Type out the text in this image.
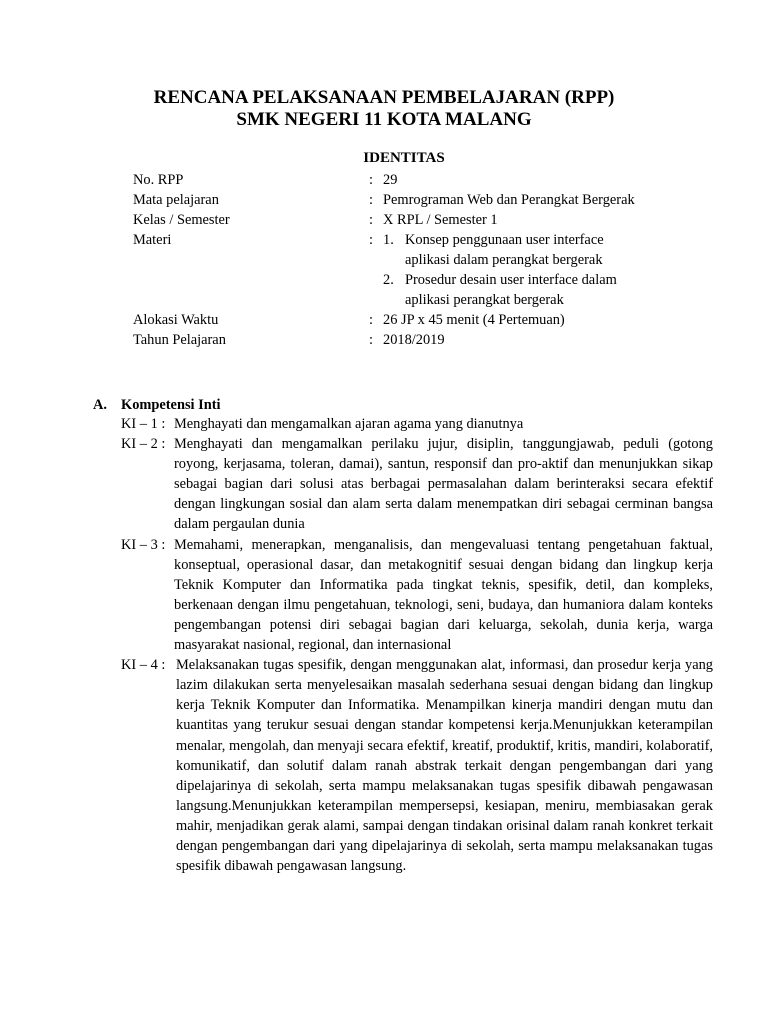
RENCANA PELAKSANAAN PEMBELAJARAN (RPP)
SMK NEGERI 11 KOTA MALANG
IDENTITAS
No. RPP	: 29
Mata pelajaran	: Pemrograman Web dan Perangkat Bergerak
Kelas / Semester	: X RPL / Semester 1
Materi	: 1. Konsep penggunaan user interface
aplikasi dalam perangkat bergerak
2. Prosedur desain user interface dalam
aplikasi perangkat bergerak
Alokasi Waktu	: 26 JP x 45 menit (4 Pertemuan)
Tahun Pelajaran	: 2018/2019
A. Kompetensi Inti
KI – 1 : Menghayati dan mengamalkan ajaran agama yang dianutnya
KI – 2 : Menghayati dan mengamalkan perilaku jujur, disiplin, tanggungjawab, peduli (gotong royong, kerjasama, toleran, damai), santun, responsif dan pro-aktif dan menunjukkan sikap sebagai bagian dari solusi atas berbagai permasalahan dalam berinteraksi secara efektif dengan lingkungan sosial dan alam serta dalam menempatkan diri sebagai cerminan bangsa dalam pergaulan dunia
KI – 3 : Memahami, menerapkan, menganalisis, dan mengevaluasi tentang pengetahuan faktual, konseptual, operasional dasar, dan metakognitif sesuai dengan bidang dan lingkup kerja Teknik Komputer dan Informatika pada tingkat teknis, spesifik, detil, dan kompleks, berkenaan dengan ilmu pengetahuan, teknologi, seni, budaya, dan humaniora dalam konteks pengembangan potensi diri sebagai bagian dari keluarga, sekolah, dunia kerja, warga masyarakat nasional, regional, dan internasional
KI – 4 : Melaksanakan tugas spesifik, dengan menggunakan alat, informasi, dan prosedur kerja yang lazim dilakukan serta menyelesaikan masalah sederhana sesuai dengan bidang dan lingkup kerja Teknik Komputer dan Informatika. Menampilkan kinerja mandiri dengan mutu dan kuantitas yang terukur sesuai dengan standar kompetensi kerja.Menunjukkan keterampilan menalar, mengolah, dan menyaji secara efektif, kreatif, produktif, kritis, mandiri, kolaboratif, komunikatif, dan solutif dalam ranah abstrak terkait dengan pengembangan dari yang dipelajarinya di sekolah, serta mampu melaksanakan tugas spesifik dibawah pengawasan langsung.Menunjukkan keterampilan mempersepsi, kesiapan, meniru, membiasakan gerak mahir, menjadikan gerak alami, sampai dengan tindakan orisinal dalam ranah konkret terkait dengan pengembangan dari yang dipelajarinya di sekolah, serta mampu melaksanakan tugas spesifik dibawah pengawasan langsung.
